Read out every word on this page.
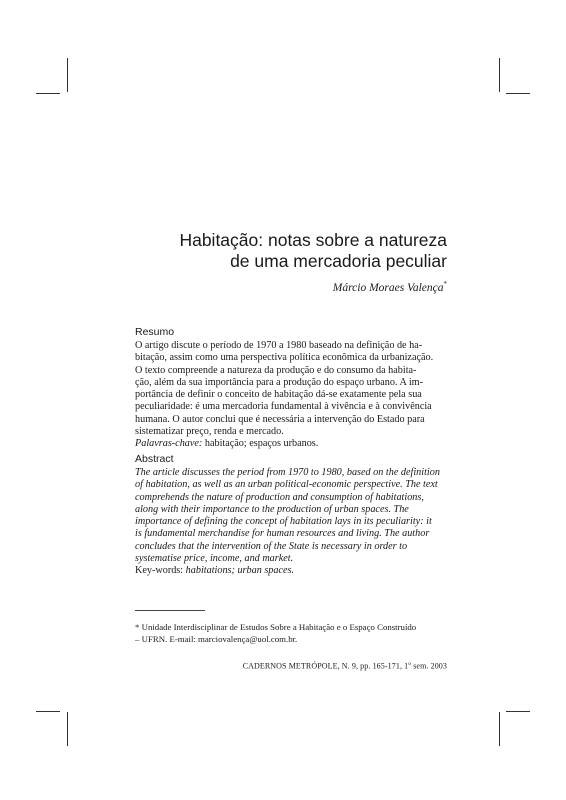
Habitação: notas sobre a natureza
de uma mercadoria peculiar
Márcio Moraes Valença*
Resumo
O artigo discute o período de 1970 a 1980 baseado na definição de ha-
bitação, assim como uma perspectiva política econômica da urbanização.
O texto compreende a natureza da produção e do consumo da habita-
ção, além da sua importância para a produção do espaço urbano. A im-
portância de definir o conceito de habitação dá-se exatamente pela sua
peculiaridade: é uma mercadoria fundamental à vivência e à convivência
humana. O autor conclui que é necessária a intervenção do Estado para
sistematizar preço, renda e mercado.
Palavras-chave: habitação; espaços urbanos.
Abstract
The article discusses the period from 1970 to 1980, based on the definition
of habitation, as well as an urban political-economic perspective. The text
comprehends the nature of production and consumption of habitations,
along with their importance to the production of urban spaces. The
importance of defining the concept of habitation lays in its peculiarity: it
is fundamental merchandise for human resources and living. The author
concludes that the intervention of the State is necessary in order to
systematise price, income, and market.
Key-words: habitations; urban spaces.
* Unidade Interdisciplinar de Estudos Sobre a Habitação e o Espaço Construído
– UFRN. E-mail: marciovalença@uol.com.br.
CADERNOS METRÓPOLE, N. 9, pp. 165-171, 1$^o$ sem. 2003
